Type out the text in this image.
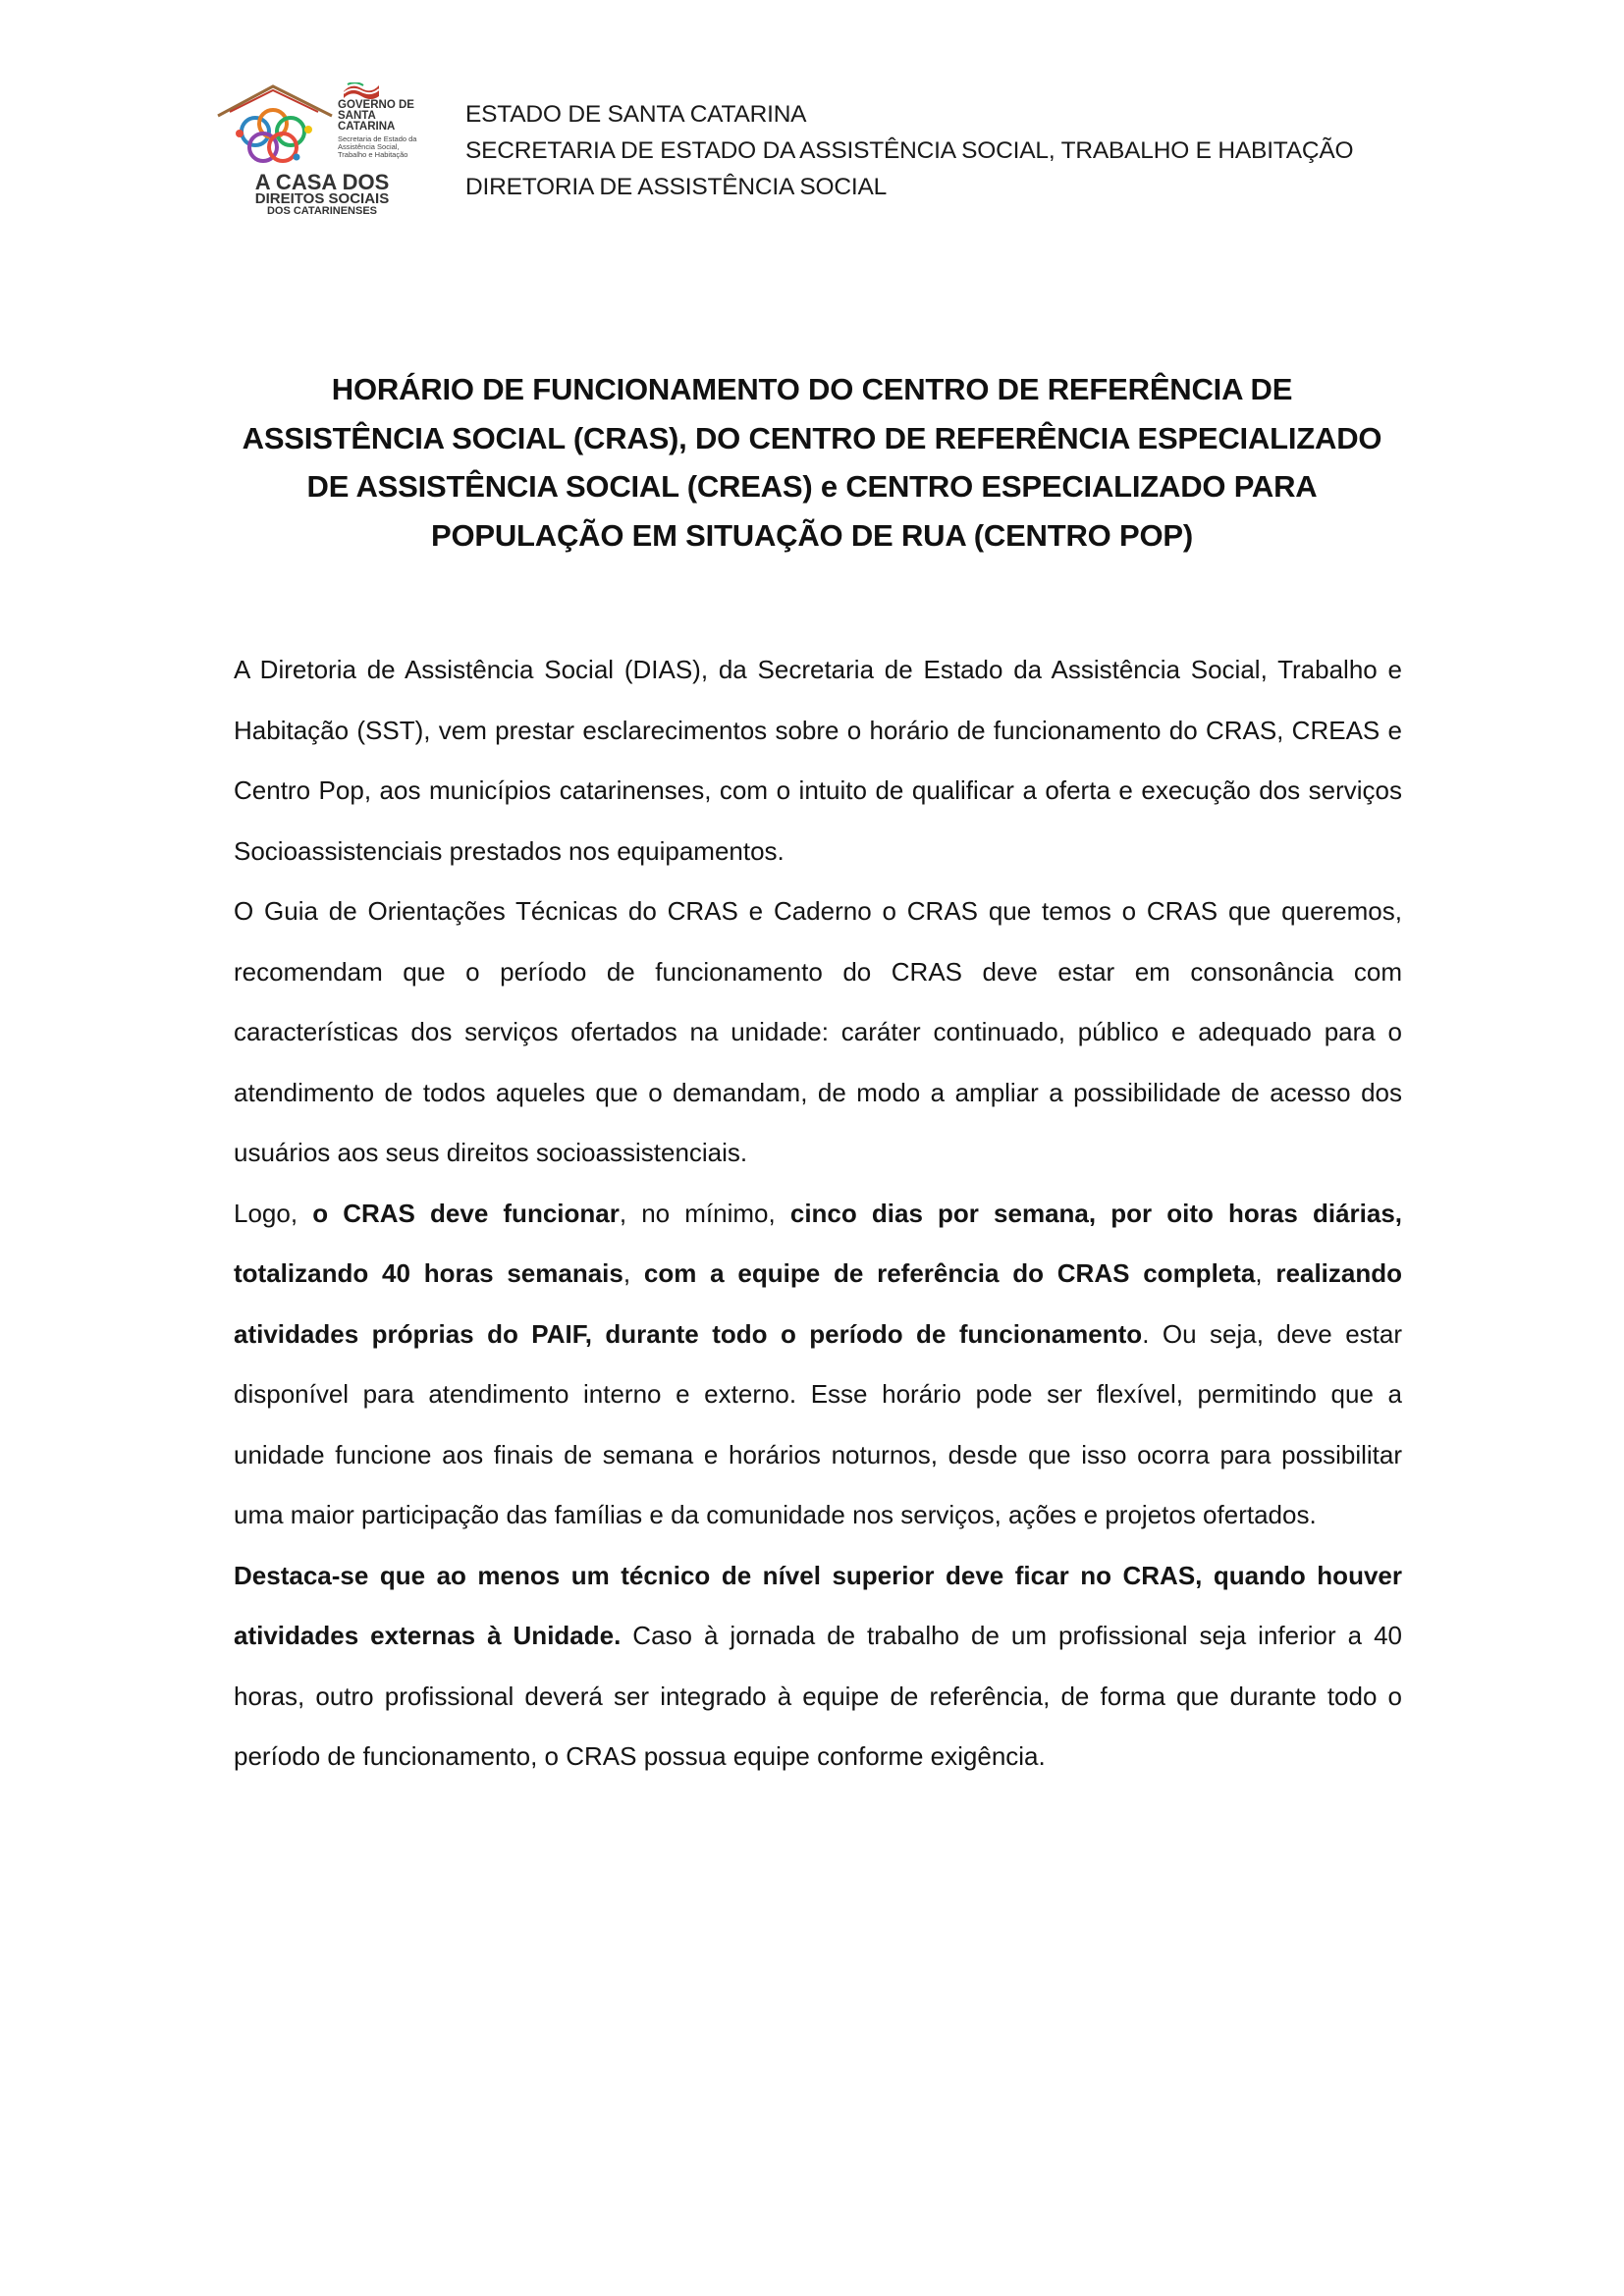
GOVERNO DE SANTA CATARINA
Secretaria de Estado da Assistência Social, Trabalho e Habitação
A CASA DOS
DIREITOS SOCIAIS
DOS CATARINENSES
ESTADO DE SANTA CATARINA
SECRETARIA DE ESTADO DA ASSISTÊNCIA SOCIAL, TRABALHO E HABITAÇÃO
DIRETORIA DE ASSISTÊNCIA SOCIAL
HORÁRIO DE FUNCIONAMENTO DO CENTRO DE REFERÊNCIA DE
ASSISTÊNCIA SOCIAL (CRAS), DO CENTRO DE REFERÊNCIA ESPECIALIZADO
DE ASSISTÊNCIA SOCIAL (CREAS) e CENTRO ESPECIALIZADO PARA
POPULAÇÃO EM SITUAÇÃO DE RUA (CENTRO POP)

A Diretoria de Assistência Social (DIAS), da Secretaria de Estado da Assistência Social, Trabalho e Habitação (SST), vem prestar esclarecimentos sobre o horário de funcionamento do CRAS, CREAS e Centro Pop, aos municípios catarinenses, com o intuito de qualificar a oferta e execução dos serviços Socioassistenciais prestados nos equipamentos.

O Guia de Orientações Técnicas do CRAS e Caderno o CRAS que temos o CRAS que queremos, recomendam que o período de funcionamento do CRAS deve estar em consonância com características dos serviços ofertados na unidade: caráter continuado, público e adequado para o atendimento de todos aqueles que o demandam, de modo a ampliar a possibilidade de acesso dos usuários aos seus direitos socioassistenciais.

Logo, o CRAS deve funcionar, no mínimo, cinco dias por semana, por oito horas diárias, totalizando 40 horas semanais, com a equipe de referência do CRAS completa, realizando atividades próprias do PAIF, durante todo o período de funcionamento. Ou seja, deve estar disponível para atendimento interno e externo. Esse horário pode ser flexível, permitindo que a unidade funcione aos finais de semana e horários noturnos, desde que isso ocorra para possibilitar uma maior participação das famílias e da comunidade nos serviços, ações e projetos ofertados.

Destaca-se que ao menos um técnico de nível superior deve ficar no CRAS, quando houver atividades externas à Unidade. Caso à jornada de trabalho de um profissional seja inferior a 40 horas, outro profissional deverá ser integrado à equipe de referência, de forma que durante todo o período de funcionamento, o CRAS possua equipe conforme exigência.
